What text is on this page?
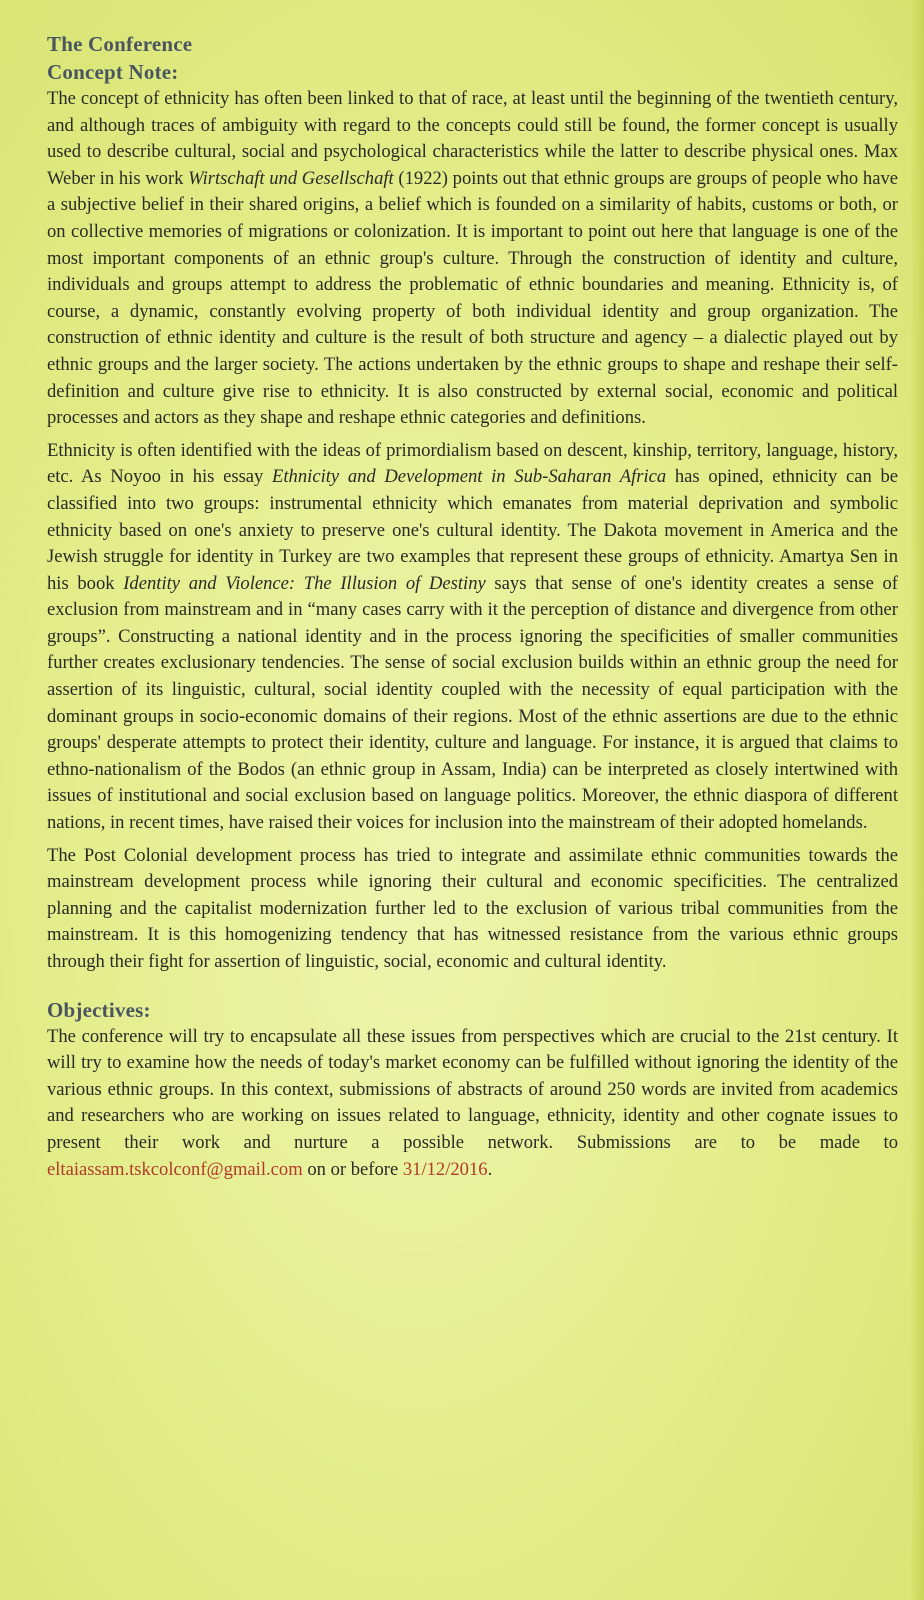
The Conference
Concept Note:

The concept of ethnicity has often been linked to that of race, at least until the beginning of the twentieth century, and although traces of ambiguity with regard to the concepts could still be found, the former concept is usually used to describe cultural, social and psychological characteristics while the latter to describe physical ones. Max Weber in his work Wirtschaft und Gesellschaft (1922) points out that ethnic groups are groups of people who have a subjective belief in their shared origins, a belief which is founded on a similarity of habits, customs or both, or on collective memories of migrations or colonization. It is important to point out here that language is one of the most important components of an ethnic group's culture. Through the construction of identity and culture, individuals and groups attempt to address the problematic of ethnic boundaries and meaning. Ethnicity is, of course, a dynamic, constantly evolving property of both individual identity and group organization. The construction of ethnic identity and culture is the result of both structure and agency – a dialectic played out by ethnic groups and the larger society. The actions undertaken by the ethnic groups to shape and reshape their self-definition and culture give rise to ethnicity. It is also constructed by external social, economic and political processes and actors as they shape and reshape ethnic categories and definitions.

Ethnicity is often identified with the ideas of primordialism based on descent, kinship, territory, language, history, etc. As Noyoo in his essay Ethnicity and Development in Sub-Saharan Africa has opined, ethnicity can be classified into two groups: instrumental ethnicity which emanates from material deprivation and symbolic ethnicity based on one's anxiety to preserve one's cultural identity. The Dakota movement in America and the Jewish struggle for identity in Turkey are two examples that represent these groups of ethnicity. Amartya Sen in his book Identity and Violence: The Illusion of Destiny says that sense of one's identity creates a sense of exclusion from mainstream and in “many cases carry with it the perception of distance and divergence from other groups”. Constructing a national identity and in the process ignoring the specificities of smaller communities further creates exclusionary tendencies. The sense of social exclusion builds within an ethnic group the need for assertion of its linguistic, cultural, social identity coupled with the necessity of equal participation with the dominant groups in socio-economic domains of their regions. Most of the ethnic assertions are due to the ethnic groups' desperate attempts to protect their identity, culture and language. For instance, it is argued that claims to ethno-nationalism of the Bodos (an ethnic group in Assam, India) can be interpreted as closely intertwined with issues of institutional and social exclusion based on language politics. Moreover, the ethnic diaspora of different nations, in recent times, have raised their voices for inclusion into the mainstream of their adopted homelands.

The Post Colonial development process has tried to integrate and assimilate ethnic communities towards the mainstream development process while ignoring their cultural and economic specificities. The centralized planning and the capitalist modernization further led to the exclusion of various tribal communities from the mainstream. It is this homogenizing tendency that has witnessed resistance from the various ethnic groups through their fight for assertion of linguistic, social, economic and cultural identity.

Objectives:

The conference will try to encapsulate all these issues from perspectives which are crucial to the 21st century. It will try to examine how the needs of today's market economy can be fulfilled without ignoring the identity of the various ethnic groups. In this context, submissions of abstracts of around 250 words are invited from academics and researchers who are working on issues related to language, ethnicity, identity and other cognate issues to present their work and nurture a possible network. Submissions are to be made to eltaiassam.tskcolconf@gmail.com on or before 31/12/2016.
